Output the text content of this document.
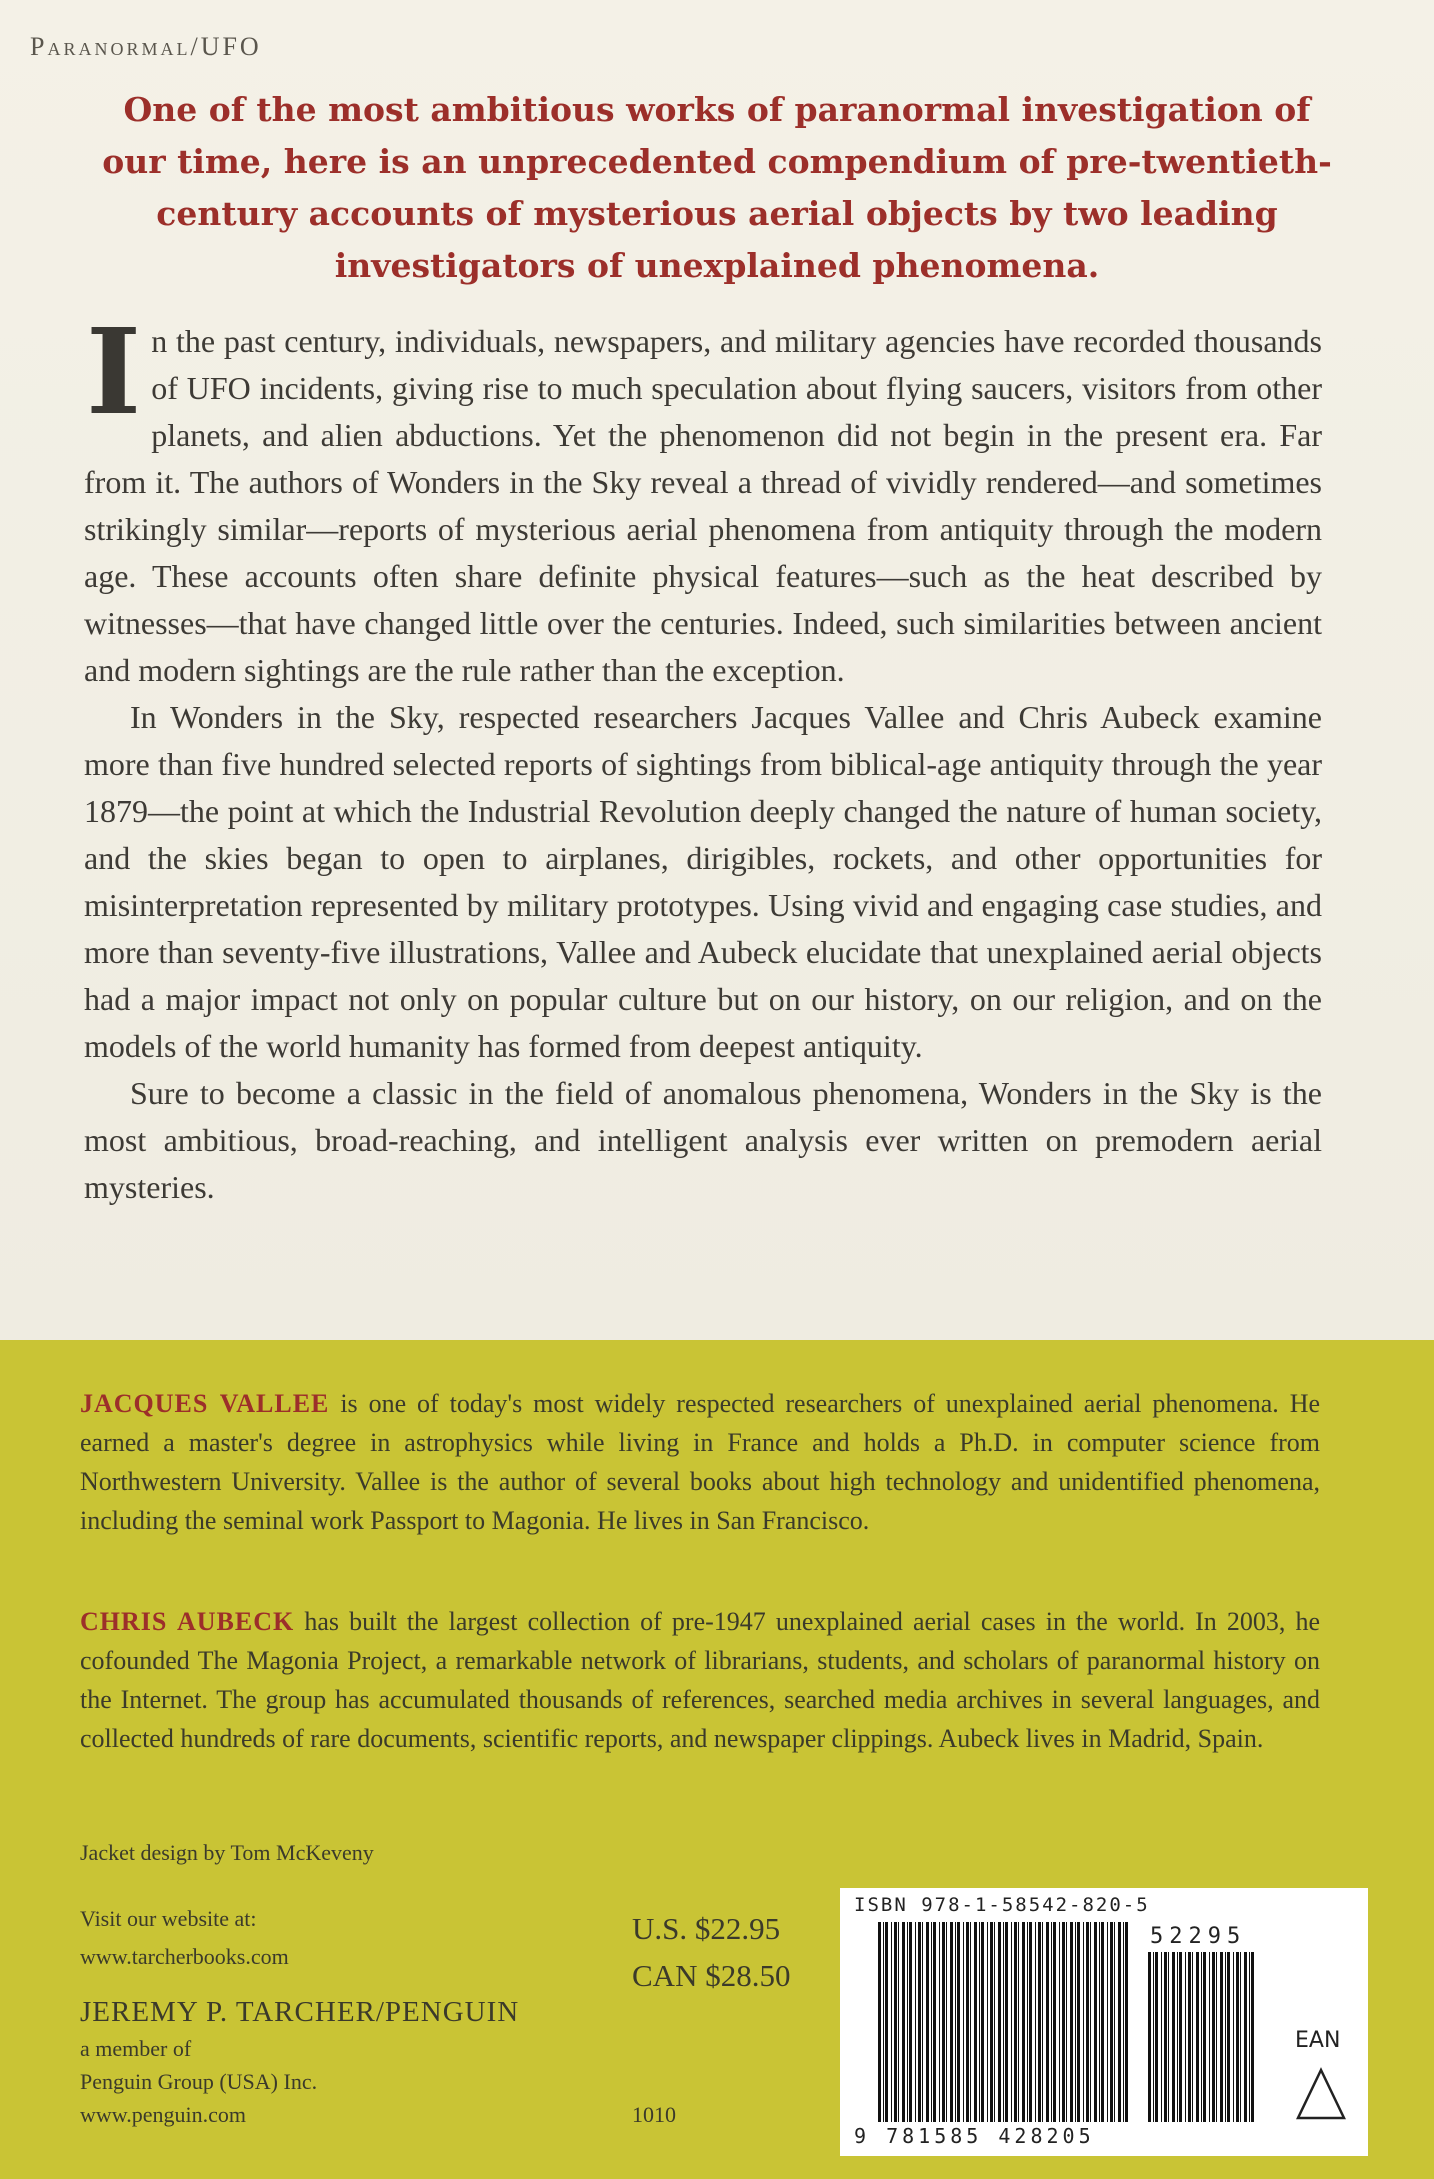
Paranormal/UFO
One of the most ambitious works of paranormal investigation of our time, here is an unprecedented compendium of pre-twentieth-century accounts of mysterious aerial objects by two leading investigators of unexplained phenomena.

In the past century, individuals, newspapers, and military agencies have recorded thousands of UFO incidents, giving rise to much speculation about flying saucers, visitors from other planets, and alien abductions. Yet the phenomenon did not begin in the present era. Far from it. The authors of Wonders in the Sky reveal a thread of vividly rendered—and sometimes strikingly similar—reports of mysterious aerial phenomena from antiquity through the modern age. These accounts often share definite physical features—such as the heat described by witnesses—that have changed little over the centuries. Indeed, such similarities between ancient and modern sightings are the rule rather than the exception.

In Wonders in the Sky, respected researchers Jacques Vallee and Chris Aubeck examine more than five hundred selected reports of sightings from biblical-age antiquity through the year 1879—the point at which the Industrial Revolution deeply changed the nature of human society, and the skies began to open to airplanes, dirigibles, rockets, and other opportunities for misinterpretation represented by military prototypes. Using vivid and engaging case studies, and more than seventy-five illustrations, Vallee and Aubeck elucidate that unexplained aerial objects had a major impact not only on popular culture but on our history, on our religion, and on the models of the world humanity has formed from deepest antiquity.

Sure to become a classic in the field of anomalous phenomena, Wonders in the Sky is the most ambitious, broad-reaching, and intelligent analysis ever written on premodern aerial mysteries.

JACQUES VALLEE is one of today's most widely respected researchers of unexplained aerial phenomena. He earned a master's degree in astrophysics while living in France and holds a Ph.D. in computer science from Northwestern University. Vallee is the author of several books about high technology and unidentified phenomena, including the seminal work Passport to Magonia. He lives in San Francisco.
CHRIS AUBECK has built the largest collection of pre-1947 unexplained aerial cases in the world. In 2003, he cofounded The Magonia Project, a remarkable network of librarians, students, and scholars of paranormal history on the Internet. The group has accumulated thousands of references, searched media archives in several languages, and collected hundreds of rare documents, scientific reports, and newspaper clippings. Aubeck lives in Madrid, Spain.
Jacket design by Tom McKeveny
Visit our website at:
www.tarcherbooks.com
JEREMY P. TARCHER/PENGUIN
a member of
Penguin Group (USA) Inc.
www.penguin.com
U.S. $22.95
CAN $28.50
1010
ISBN 978-1-58542-820-5
52295
EAN
9 781585 428205
